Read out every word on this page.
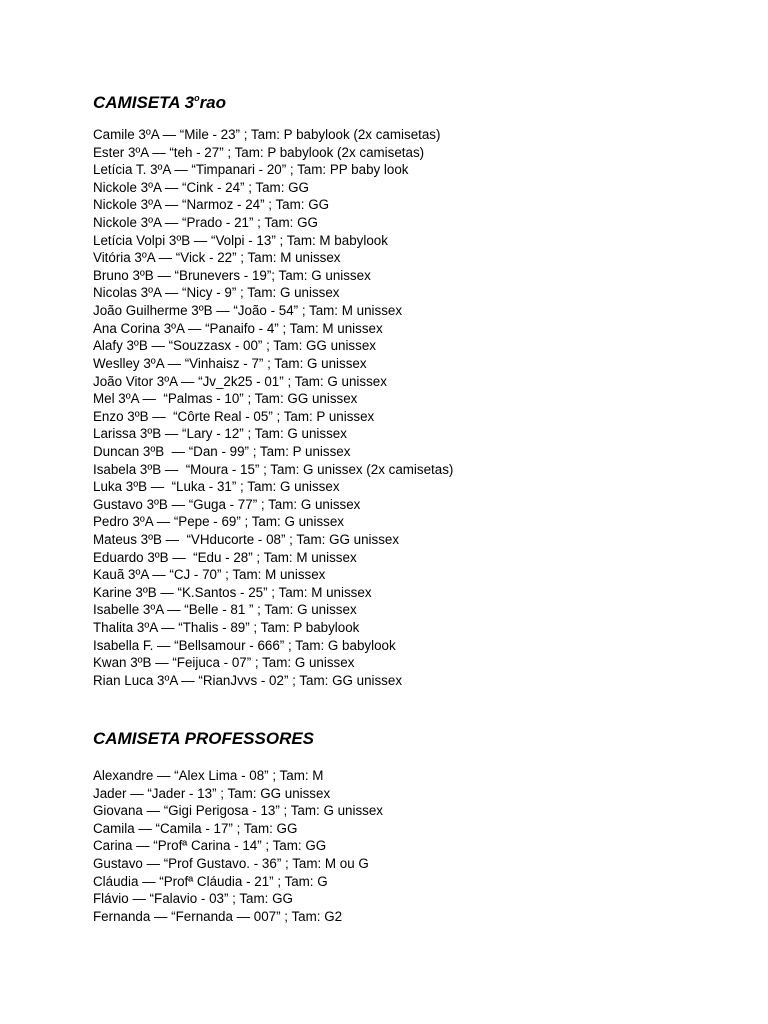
CAMISETA 3$^o$rao
Camile 3ºA — “Mile - 23” ; Tam: P babylook (2x camisetas)
Ester 3ºA — “teh - 27” ; Tam: P babylook (2x camisetas)
Letícia T. 3ºA — “Timpanari - 20” ; Tam: PP baby look
Nickole 3ºA — “Cink - 24” ; Tam: GG
Nickole 3ºA — “Narmoz - 24” ; Tam: GG
Nickole 3ºA — “Prado - 21” ; Tam: GG
Letícia Volpi 3ºB — “Volpi - 13” ; Tam: M babylook
Vitória 3ºA — “Vick - 22” ; Tam: M unissex
Bruno 3ºB — “Brunevers - 19”; Tam: G unissex
Nicolas 3ºA — “Nicy - 9” ; Tam: G unissex
João Guilherme 3ºB — “João - 54” ; Tam: M unissex
Ana Corina 3ºA — “Panaifo - 4” ; Tam: M unissex
Alafy 3ºB — “Souzzasx - 00” ; Tam: GG unissex
Weslley 3ºA — “Vinhaisz - 7” ; Tam: G unissex
João Vitor 3ºA — “Jv_2k25 - 01” ; Tam: G unissex
Mel 3ºA —  “Palmas - 10” ; Tam: GG unissex
Enzo 3ºB —  “Côrte Real - 05” ; Tam: P unissex
Larissa 3ºB — “Lary - 12” ; Tam: G unissex
Duncan 3ºB  — “Dan - 99” ; Tam: P unissex
Isabela 3ºB —  “Moura - 15” ; Tam: G unissex (2x camisetas)
Luka 3ºB —  “Luka - 31” ; Tam: G unissex
Gustavo 3ºB — “Guga - 77” ; Tam: G unissex
Pedro 3ºA — “Pepe - 69” ; Tam: G unissex
Mateus 3ºB —  “VHducorte - 08” ; Tam: GG unissex
Eduardo 3ºB —  “Edu - 28” ; Tam: M unissex
Kauã 3ºA — “CJ - 70” ; Tam: M unissex
Karine 3ºB — “K.Santos - 25” ; Tam: M unissex
Isabelle 3ºA — “Belle - 81 ” ; Tam: G unissex
Thalita 3ºA — “Thalis - 89” ; Tam: P babylook
Isabella F. — “Bellsamour - 666” ; Tam: G babylook
Kwan 3ºB — “Feijuca - 07” ; Tam: G unissex
Rian Luca 3ºA — “RianJvvs - 02” ; Tam: GG unissex
CAMISETA PROFESSORES
Alexandre — “Alex Lima - 08” ; Tam: M
Jader — “Jader - 13” ; Tam: GG unissex
Giovana — “Gigi Perigosa - 13” ; Tam: G unissex
Camila — “Camila - 17” ; Tam: GG
Carina — “Profª Carina - 14” ; Tam: GG
Gustavo — “Prof Gustavo. - 36” ; Tam: M ou G
Cláudia — “Profª Cláudia - 21” ; Tam: G
Flávio — “Falavio - 03” ; Tam: GG
Fernanda — “Fernanda — 007” ; Tam: G2
